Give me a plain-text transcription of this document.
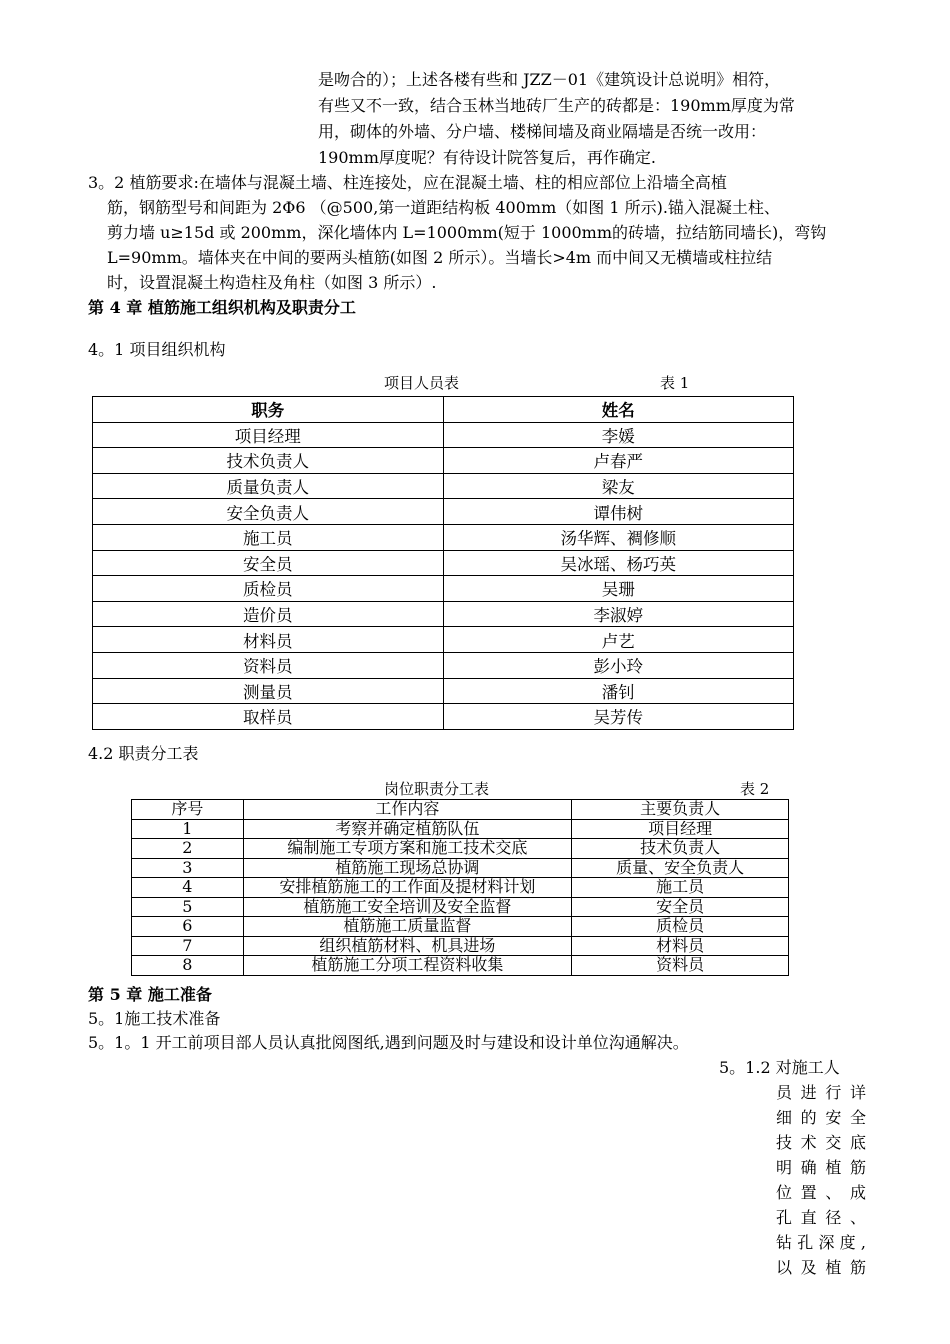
是吻合的）；上述各楼有些和 JZZ－01《建筑设计总说明》相符，
有些又不一致，结合玉林当地砖厂生产的砖都是：190mm厚度为常
用，砌体的外墙、分户墙、楼梯间墙及商业隔墙是否统一改用：
190mm厚度呢？有待设计院答复后，再作确定.
3。2 植筋要求:在墙体与混凝土墙、柱连接处，应在混凝土墙、柱的相应部位上沿墙全高植
筋，钢筋型号和间距为 2Φ6 （@500,第一道距结构板 400mm（如图 1 所示).锚入混凝土柱、
剪力墙 u≥15d 或 200mm，深化墙体内 L=1000mm(短于 1000mm的砖墙，拉结筋同墙长)，弯钩
L=90mm。墙体夹在中间的要两头植筋(如图 2 所示）。当墙长>4m 而中间又无横墙或柱拉结
时，设置混凝土构造柱及角柱（如图 3 所示）.
第 4 章 植筋施工组织机构及职责分工
4。1 项目组织机构
项目人员表	表 1
职务	姓名
项目经理	李媛
技术负责人	卢春严
质量负责人	梁友
安全负责人	谭伟树
施工员	汤华辉、裯修顺
安全员	吴冰瑶、杨巧英
质检员	吴珊
造价员	李淑婷
材料员	卢艺
资料员	彭小玲
测量员	潘钊
取样员	吴芳传
4.2 职责分工表
岗位职责分工表	表 2
序号	工作内容	主要负责人
1	考察并确定植筋队伍	项目经理
2	编制施工专项方案和施工技术交底	技术负责人
3	植筋施工现场总协调	质量、安全负责人
4	安排植筋施工的工作面及提材料计划	施工员
5	植筋施工安全培训及安全监督	安全员
6	植筋施工质量监督	质检员
7	组织植筋材料、机具进场	材料员
8	植筋施工分项工程资料收集	资料员
第 5 章 施工准备
5。1施工技术准备
5。1。1 开工前项目部人员认真批阅图纸,遇到问题及时与建设和设计单位沟通解决。
5。1.2 对施工人
员进行详
细的安全
技术交底
明确植筋
位置、成
孔直径、
钻孔深度,
以及植筋
